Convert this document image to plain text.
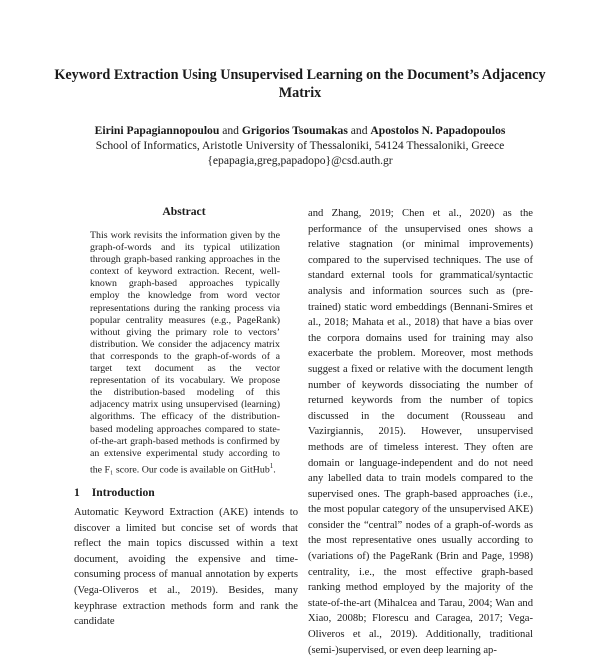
Keyword Extraction Using Unsupervised Learning on the Document’s Adjacency Matrix
Eirini Papagiannopoulou and Grigorios Tsoumakas and Apostolos N. Papadopoulos
School of Informatics, Aristotle University of Thessaloniki, 54124 Thessaloniki, Greece
{epapagia,greg,papadopo}@csd.auth.gr
Abstract
This work revisits the information given by the graph-of-words and its typical utilization through graph-based ranking approaches in the context of keyword extraction. Recent, well-known graph-based approaches typically employ the knowledge from word vector representations during the ranking process via popular centrality measures (e.g., PageRank) without giving the primary role to vectors’ distribution. We consider the adjacency matrix that corresponds to the graph-of-words of a target text document as the vector representation of its vocabulary. We propose the distribution-based modeling of this adjacency matrix using unsupervised (learning) algorithms. The efficacy of the distribution-based modeling approaches compared to state-of-the-art graph-based methods is confirmed by an extensive experimental study according to the F₁ score. Our code is available on GitHub$^1$.
1 Introduction
Automatic Keyword Extraction (AKE) intends to discover a limited but concise set of words that reflect the main topics discussed within a text document, avoiding the expensive and time-consuming process of manual annotation by experts (Vega-Oliveros et al., 2019). Besides, many keyphrase extraction methods form and rank the candidate
and Zhang, 2019; Chen et al., 2020) as the performance of the unsupervised ones shows a relative stagnation (or minimal improvements) compared to the supervised techniques. The use of standard external tools for grammatical/syntactic analysis and information sources such as (pre-trained) static word embeddings (Bennani-Smires et al., 2018; Mahata et al., 2018) that have a bias over the corpora domains used for training may also exacerbate the problem. Moreover, most methods suggest a fixed or relative with the document length number of keywords dissociating the number of returned keywords from the number of topics discussed in the document (Rousseau and Vazirgiannis, 2015). However, unsupervised methods are of timeless interest. They often are domain or language-independent and do not need any labelled data to train models compared to the supervised ones. The graph-based approaches (i.e., the most popular category of the unsupervised AKE) consider the “central” nodes of a graph-of-words as the most representative ones usually according to (variations of) the PageRank (Brin and Page, 1998) centrality, i.e., the most effective graph-based ranking method employed by the majority of the state-of-the-art (Mihalcea and Tarau, 2004; Wan and Xiao, 2008b; Florescu and Caragea, 2017; Vega-Oliveros et al., 2019). Additionally, traditional (semi-)supervised, or even deep learning ap-
